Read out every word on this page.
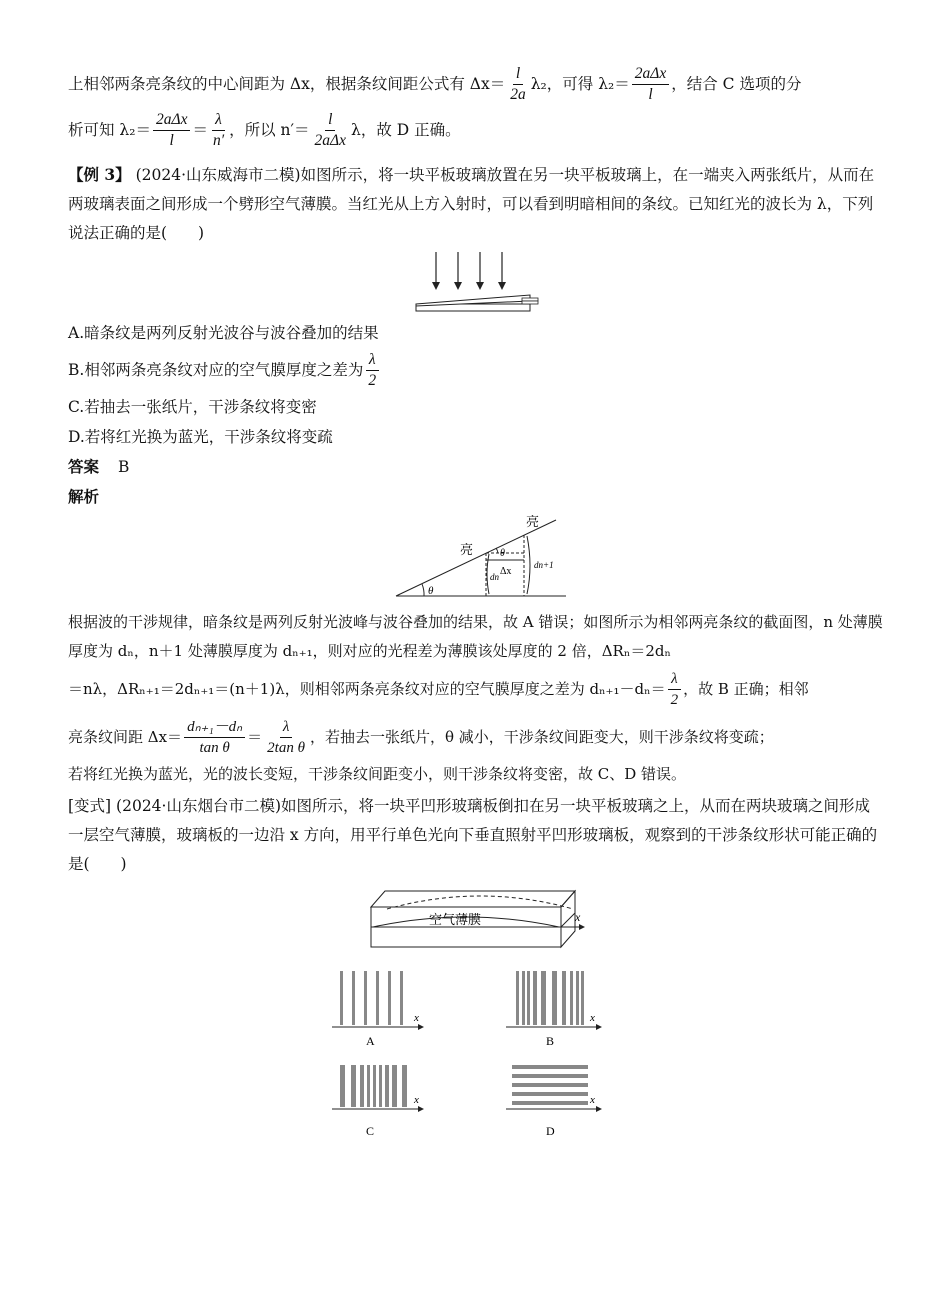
上相邻两条亮条纹的中心间距为 Δx，根据条纹间距公式有 $\Delta x= \frac{l}{2a} \lambda_2$，可得 $\lambda_2= \frac{\text{2aΔx}}{l}$ ，结合 C 选项的分

析可知 $\lambda_2= \frac{\text{2aΔx}}{l} = \frac{\lambda}{n'}$ ，所以 $n'= \frac{l}{\text{2aΔx}}$ λ，故 D 正确。

【例 3】 (2024·山东威海市二模)如图所示，将一块平板玻璃放置在另一块平板玻璃上，在一端夹入两张纸片，从而在两玻璃表面之间形成一个劈形空气薄膜。当红光从上方入射时，可以看到明暗相间的条纹。已知红光的波长为 λ，下列说法正确的是(　　)

A.暗条纹是两列反射光波谷与波谷叠加的结果

B.相邻两条亮条纹对应的空气膜厚度之差为 $\frac{\lambda}{2}$

C.若抽去一张纸片，干涉条纹将变密

D.若将红光换为蓝光，干涉条纹将变疏

答案 B

解析

亮
亮
θ
θ
Δx
dn
dn+1

根据波的干涉规律，暗条纹是两列反射光波峰与波谷叠加的结果，故 A 错误；如图所示为相邻两亮条纹的截面图，n 处薄膜厚度为 dₙ，n＋1 处薄膜厚度为 dₙ₊₁，则对应的光程差为薄膜该处厚度的 2 倍，ΔRₙ＝2dₙ

＝nλ，ΔRₙ₊₁＝2dₙ₊₁＝(n＋1)λ，则相邻两条亮条纹对应的空气膜厚度之差为 $d_{n+1}-d_n= \frac{\lambda}{2}$ ，故 B 正确；相邻

亮条纹间距 $\Delta x= \frac{\text{dₙ₊₁－dₙ}}{\text{tan θ}} = \frac{\lambda}{\text{2tan θ}}$ ，若抽去一张纸片，θ 减小，干涉条纹间距变大，则干涉条纹将变疏；

若将红光换为蓝光，光的波长变短，干涉条纹间距变小，则干涉条纹将变密，故 C、D 错误。

[变式] (2024·山东烟台市二模)如图所示，将一块平凹形玻璃板倒扣在另一块平板玻璃之上，从而在两块玻璃之间形成一层空气薄膜，玻璃板的一边沿 x 方向，用平行单色光向下垂直照射平凹形玻璃板，观察到的干涉条纹形状可能正确的是(　　)

x
空气薄膜
x
A
x
B
x
C
x
D
